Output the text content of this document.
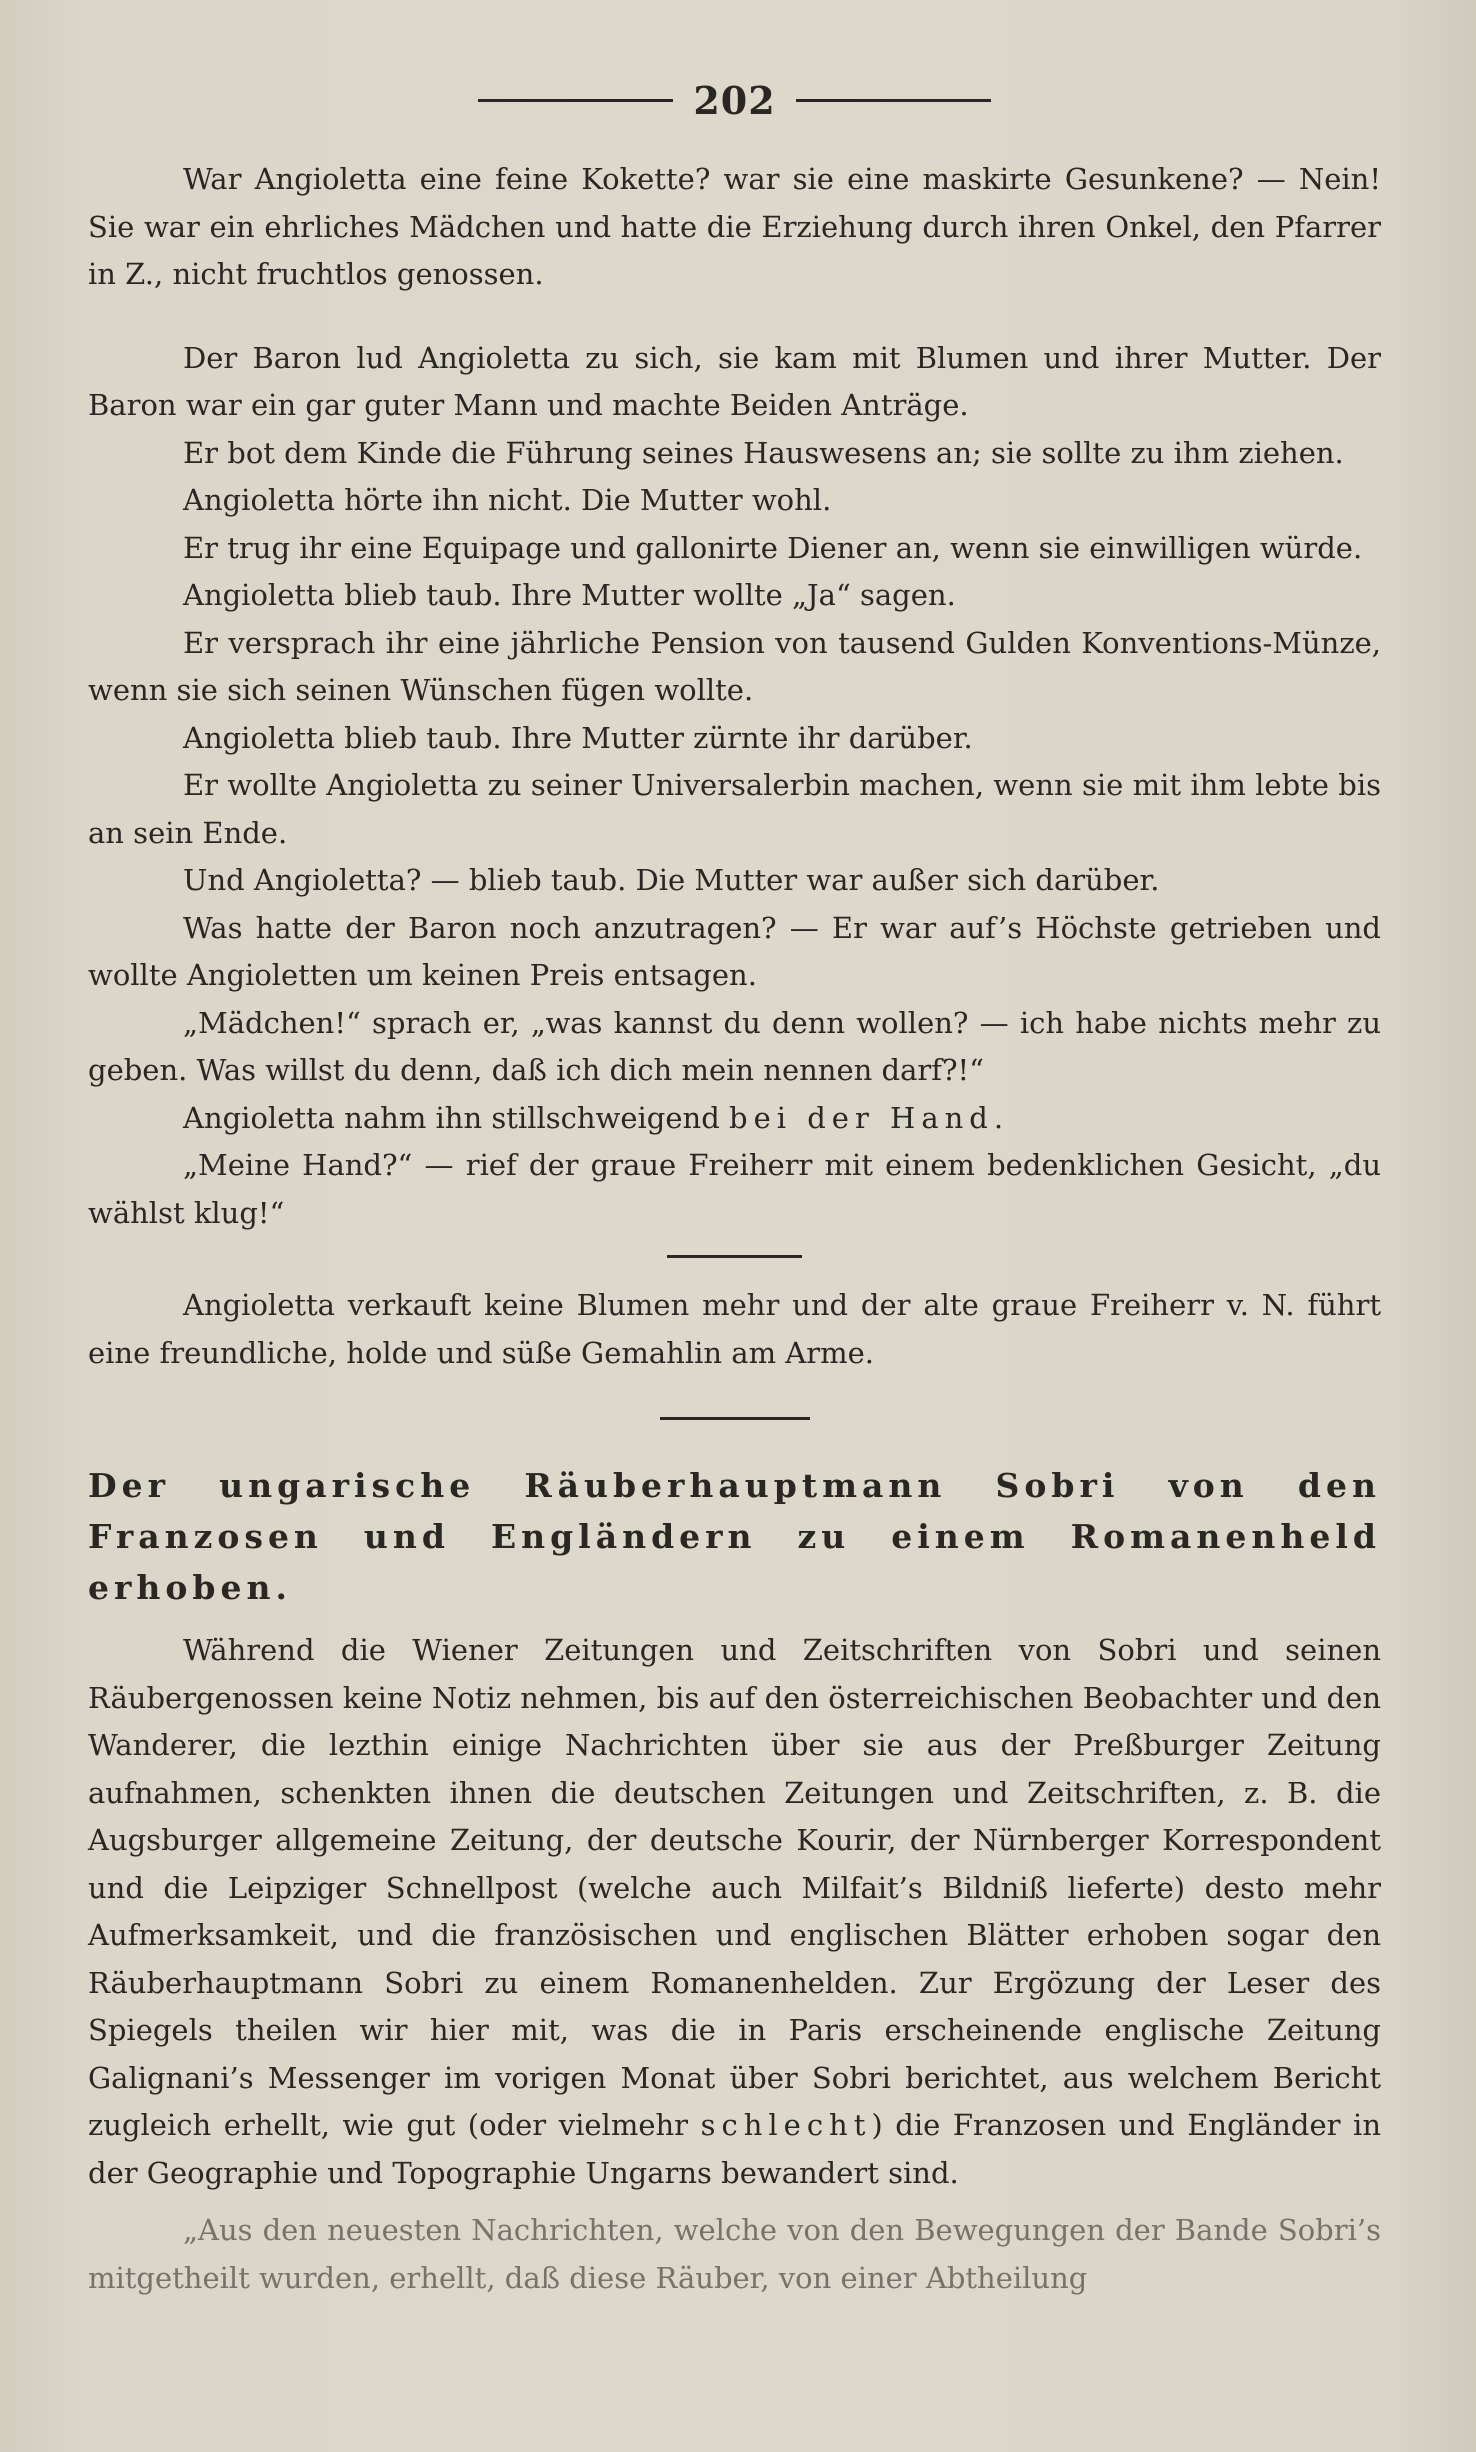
202

War Angioletta eine feine Kokette? war sie eine maskirte Gesunkene? — Nein! Sie war ein ehrliches Mädchen und hatte die Erziehung durch ihren Onkel, den Pfarrer in Z., nicht fruchtlos genossen.

Der Baron lud Angioletta zu sich, sie kam mit Blumen und ihrer Mutter. Der Baron war ein gar guter Mann und machte Beiden Anträge.

Er bot dem Kinde die Führung seines Hauswesens an; sie sollte zu ihm ziehen.

Angioletta hörte ihn nicht. Die Mutter wohl.

Er trug ihr eine Equipage und gallonirte Diener an, wenn sie einwilligen würde.

Angioletta blieb taub. Ihre Mutter wollte „Ja“ sagen.

Er versprach ihr eine jährliche Pension von tausend Gulden Konventions-Münze, wenn sie sich seinen Wünschen fügen wollte.

Angioletta blieb taub. Ihre Mutter zürnte ihr darüber.

Er wollte Angioletta zu seiner Universalerbin machen, wenn sie mit ihm lebte bis an sein Ende.

Und Angioletta? — blieb taub. Die Mutter war außer sich darüber.

Was hatte der Baron noch anzutragen? — Er war auf’s Höchste getrieben und wollte Angioletten um keinen Preis entsagen.

„Mädchen!“ sprach er, „was kannst du denn wollen? — ich habe nichts mehr zu geben. Was willst du denn, daß ich dich mein nennen darf?!“

Angioletta nahm ihn stillschweigend bei der Hand.

„Meine Hand?“ — rief der graue Freiherr mit einem bedenklichen Gesicht, „du wählst klug!“

Angioletta verkauft keine Blumen mehr und der alte graue Freiherr v. N. führt eine freundliche, holde und süße Gemahlin am Arme.

Der ungarische Räuberhauptmann Sobri von den Franzosen und Engländern zu einem Romanenheld erhoben.

Während die Wiener Zeitungen und Zeitschriften von Sobri und seinen Räubergenossen keine Notiz nehmen, bis auf den österreichischen Beobachter und den Wanderer, die lezthin einige Nachrichten über sie aus der Preßburger Zeitung aufnahmen, schenkten ihnen die deutschen Zeitungen und Zeitschriften, z. B. die Augsburger allgemeine Zeitung, der deutsche Kourir, der Nürnberger Korrespondent und die Leipziger Schnellpost (welche auch Milfait’s Bildniß lieferte) desto mehr Aufmerksamkeit, und die französischen und englischen Blätter erhoben sogar den Räuberhauptmann Sobri zu einem Romanenhelden. Zur Ergözung der Leser des Spiegels theilen wir hier mit, was die in Paris erscheinende englische Zeitung Galignani’s Messenger im vorigen Monat über Sobri berichtet, aus welchem Bericht zugleich erhellt, wie gut (oder vielmehr schlecht) die Franzosen und Engländer in der Geographie und Topographie Ungarns bewandert sind.

„Aus den neuesten Nachrichten, welche von den Bewegungen der Bande Sobri’s mitgetheilt wurden, erhellt, daß diese Räuber, von einer Abtheilung
